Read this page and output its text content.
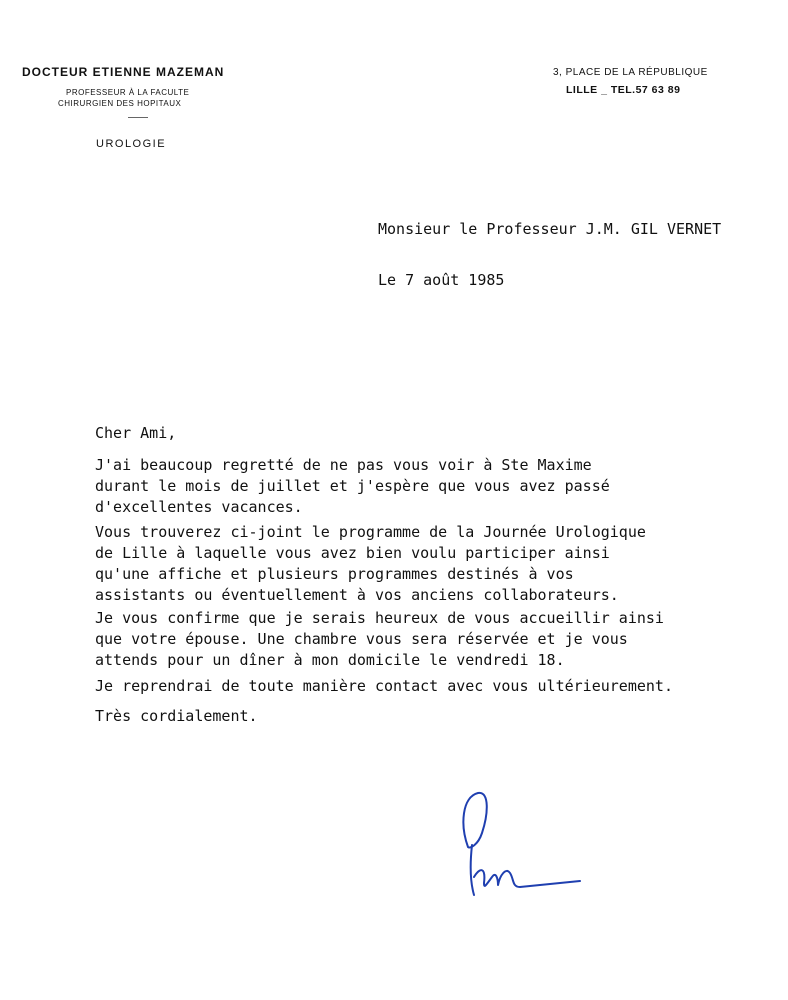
DOCTEUR ETIENNE MAZEMAN
PROFESSEUR À LA FACULTE
CHIRURGIEN DES HOPITAUX
UROLOGIE
3, PLACE DE LA RÉPUBLIQUE
LILLE _ TEL.57 63 89
Monsieur le Professeur J.M. GIL VERNET
Le 7 août 1985
Cher Ami,
J'ai beaucoup regretté de ne pas vous voir à Ste Maxime
durant le mois de juillet et j'espère que vous avez passé
d'excellentes vacances.
Vous trouverez ci-joint le programme de la Journée Urologique
de Lille à laquelle vous avez bien voulu participer ainsi
qu'une affiche et plusieurs programmes destinés à vos
assistants ou éventuellement à vos anciens collaborateurs.
Je vous confirme que je serais heureux de vous accueillir ainsi
que votre épouse. Une chambre vous sera réservée et je vous
attends pour un dîner à mon domicile le vendredi 18.
Je reprendrai de toute manière contact avec vous ultérieurement.
Très cordialement.
